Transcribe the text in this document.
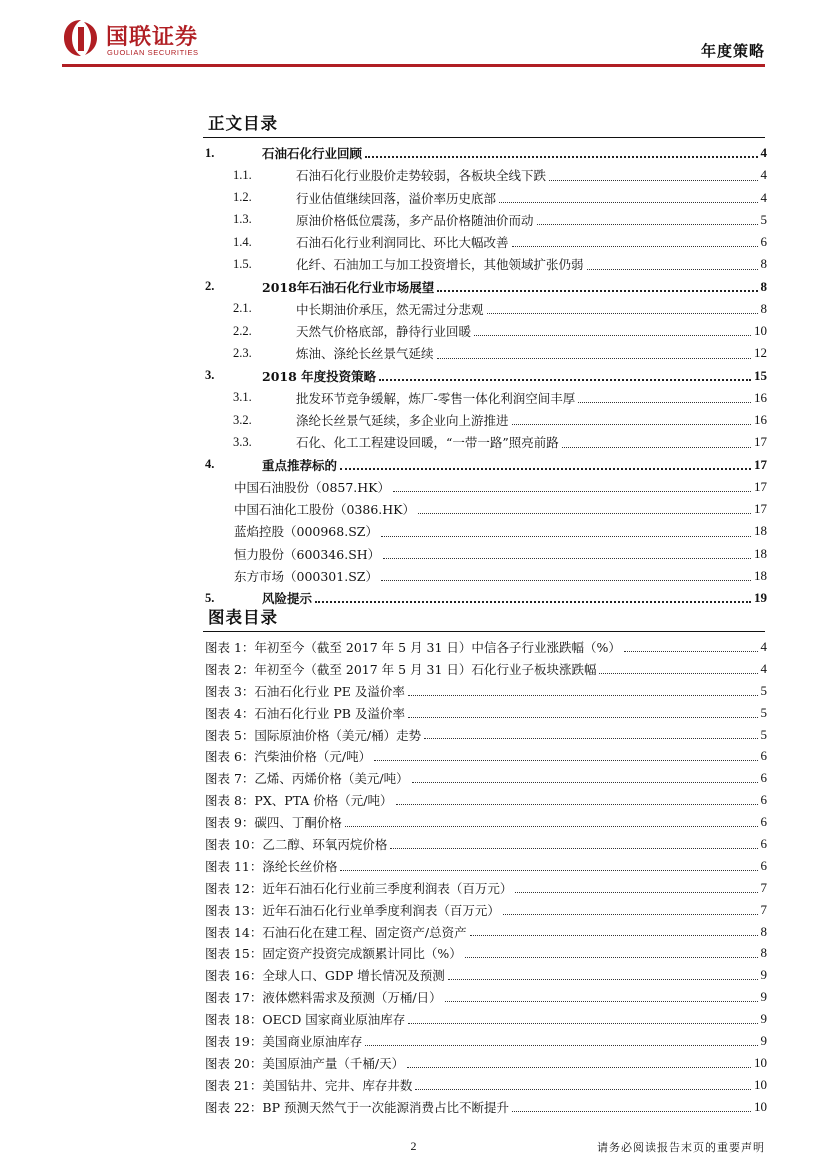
国联证券
GUOLIAN SECURITIES	年度策略
正文目录
1.	石油石化行业回顾	4
1.1.	石油石化行业股价走势较弱，各板块全线下跌	4
1.2.	行业估值继续回落，溢价率历史底部	4
1.3.	原油价格低位震荡，多产品价格随油价而动	5
1.4.	石油石化行业利润同比、环比大幅改善	6
1.5.	化纤、石油加工与加工投资增长，其他领域扩张仍弱	8
2.	2018年石油石化行业市场展望	8
2.1.	中长期油价承压，然无需过分悲观	8
2.2.	天然气价格底部，静待行业回暖	10
2.3.	炼油、涤纶长丝景气延续	12
3.	2018 年度投资策略	15
3.1.	批发环节竞争缓解，炼厂-零售一体化利润空间丰厚	16
3.2.	涤纶长丝景气延续，多企业向上游推进	16
3.3.	石化、化工工程建设回暖，“一带一路”照亮前路	17
4.	重点推荐标的	17
中国石油股份（0857.HK）	17
中国石油化工股份（0386.HK）	17
蓝焰控股（000968.SZ）	18
恒力股份（600346.SH）	18
东方市场（000301.SZ）	18
5.	风险提示	19
图表目录
图表 1：年初至今（截至 2017 年 5 月 31 日）中信各子行业涨跌幅（%）	4
图表 2：年初至今（截至 2017 年 5 月 31 日）石化行业子板块涨跌幅	4
图表 3：石油石化行业 PE 及溢价率	5
图表 4：石油石化行业 PB 及溢价率	5
图表 5：国际原油价格（美元/桶）走势	5
图表 6：汽柴油价格（元/吨）	6
图表 7：乙烯、丙烯价格（美元/吨）	6
图表 8：PX、PTA 价格（元/吨）	6
图表 9：碳四、丁酮价格	6
图表 10：乙二醇、环氧丙烷价格	6
图表 11：涤纶长丝价格	6
图表 12：近年石油石化行业前三季度利润表（百万元）	7
图表 13：近年石油石化行业单季度利润表（百万元）	7
图表 14：石油石化在建工程、固定资产/总资产	8
图表 15：固定资产投资完成额累计同比（%）	8
图表 16：全球人口、GDP 增长情况及预测	9
图表 17：液体燃料需求及预测（万桶/日）	9
图表 18：OECD 国家商业原油库存	9
图表 19：美国商业原油库存	9
图表 20：美国原油产量（千桶/天）	10
图表 21：美国钻井、完井、库存井数	10
图表 22：BP 预测天然气于一次能源消费占比不断提升	10
2	请务必阅读报告末页的重要声明
